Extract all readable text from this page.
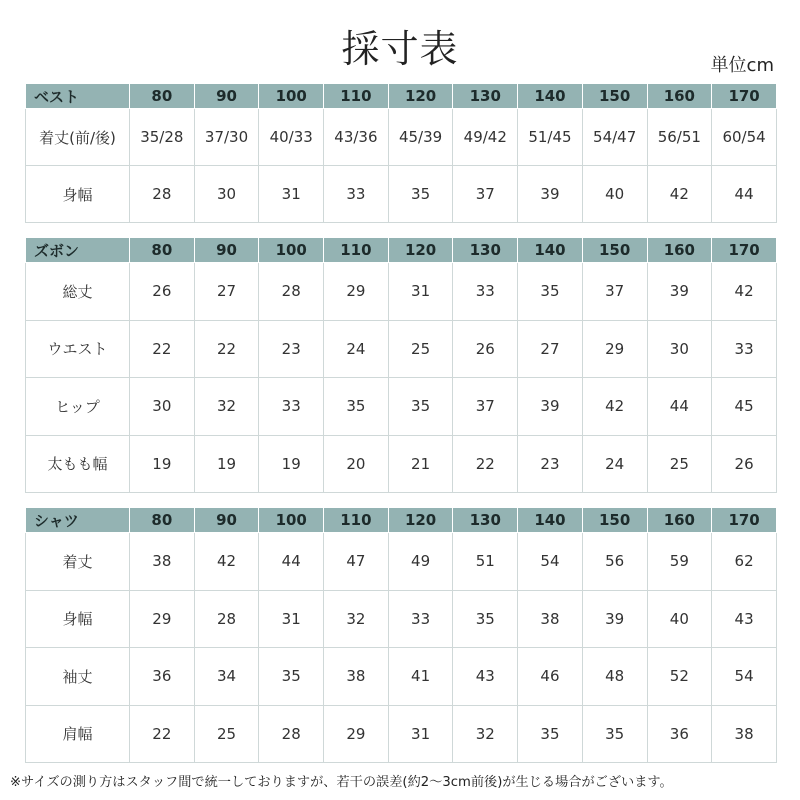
採寸表	単位cm
ベスト	80	90	100	110	120	130	140	150	160	170
着丈(前/後)	35/28	37/30	40/33	43/36	45/39	49/42	51/45	54/47	56/51	60/54
身幅	28	30	31	33	35	37	39	40	42	44
ズボン	80	90	100	110	120	130	140	150	160	170
総丈	26	27	28	29	31	33	35	37	39	42
ウエスト	22	22	23	24	25	26	27	29	30	33
ヒップ	30	32	33	35	35	37	39	42	44	45
太もも幅	19	19	19	20	21	22	23	24	25	26
シャツ	80	90	100	110	120	130	140	150	160	170
着丈	38	42	44	47	49	51	54	56	59	62
身幅	29	28	31	32	33	35	38	39	40	43
袖丈	36	34	35	38	41	43	46	48	52	54
肩幅	22	25	28	29	31	32	35	35	36	38
※サイズの測り方はスタッフ間で統一しておりますが、若干の誤差(約2～3cm前後)が生じる場合がございます。
